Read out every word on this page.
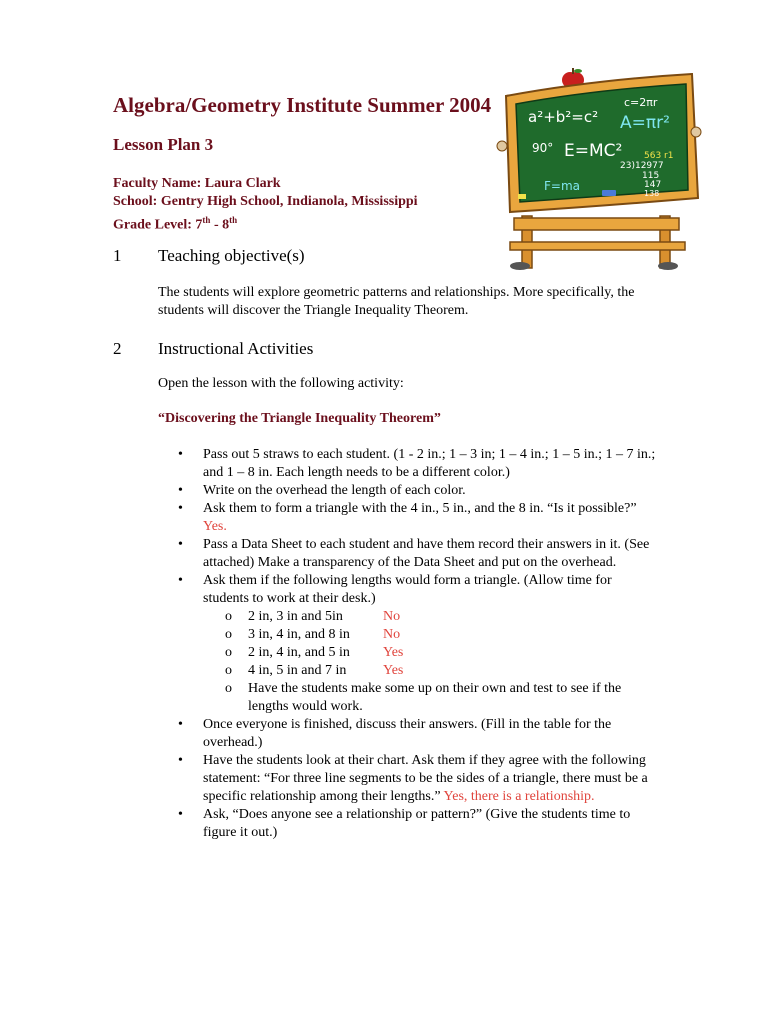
Algebra/Geometry Institute Summer 2004
Lesson Plan 3
Faculty Name: Laura Clark
School: Gentry High School, Indianola, Mississippi
Grade Level: 7th - 8th
a²+b²=c²
c=2πr
A=πr²
90° E=MC² 563 r1
23)12977
115
147
138
F=ma
1 Teaching objective(s)
The students will explore geometric patterns and relationships. More specifically, the students will discover the Triangle Inequality Theorem.
2 Instructional Activities
Open the lesson with the following activity:
“Discovering the Triangle Inequality Theorem”
• Pass out 5 straws to each student. (1 - 2 in.; 1 – 3 in; 1 – 4 in.; 1 – 5 in.; 1 – 7 in.; and 1 – 8 in. Each length needs to be a different color.)
• Write on the overhead the length of each color.
• Ask them to form a triangle with the 4 in., 5 in., and the 8 in. “Is it possible?” Yes.
• Pass a Data Sheet to each student and have them record their answers in it. (See attached) Make a transparency of the Data Sheet and put on the overhead.
• Ask them if the following lengths would form a triangle. (Allow time for students to work at their desk.)
o 2 in, 3 in and 5in	No
o 3 in, 4 in, and 8 in No
o 2 in, 4 in, and 5 in Yes
o 4 in, 5 in and 7 in	Yes
o Have the students make some up on their own and test to see if the lengths would work.
• Once everyone is finished, discuss their answers. (Fill in the table for the overhead.)
• Have the students look at their chart. Ask them if they agree with the following statement: “For three line segments to be the sides of a triangle, there must be a specific relationship among their lengths.” Yes, there is a relationship.
• Ask, “Does anyone see a relationship or pattern?” (Give the students time to figure it out.)
